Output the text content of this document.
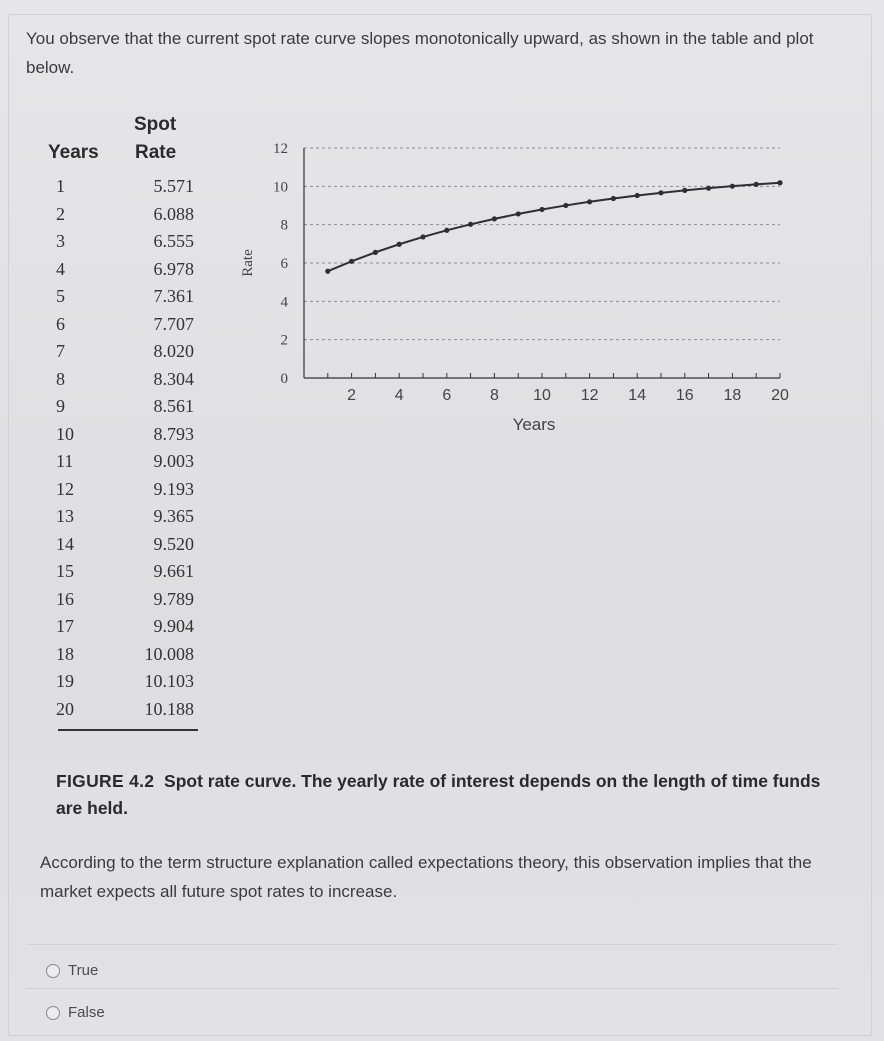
You observe that the current spot rate curve slopes monotonically upward, as shown in the table and plot below.
Years
Spot
Rate
1	5.571
2	6.088
3	6.555
4	6.978
5	7.361
6	7.707
7	8.020
8	8.304
9	8.561
10	8.793
11	9.003
12	9.193
13	9.365
14	9.520
15	9.661
16	9.789
17	9.904
18	10.008
19	10.103
20	10.188
0
2
4
6
8
10
12
2 4 6 8 10 12 14 16 18 20
Years
Rate
FIGURE 4.2 Spot rate curve. The yearly rate of interest depends on the length of time funds are held.
According to the term structure explanation called expectations theory, this observation implies that the market expects all future spot rates to increase.
True
False
